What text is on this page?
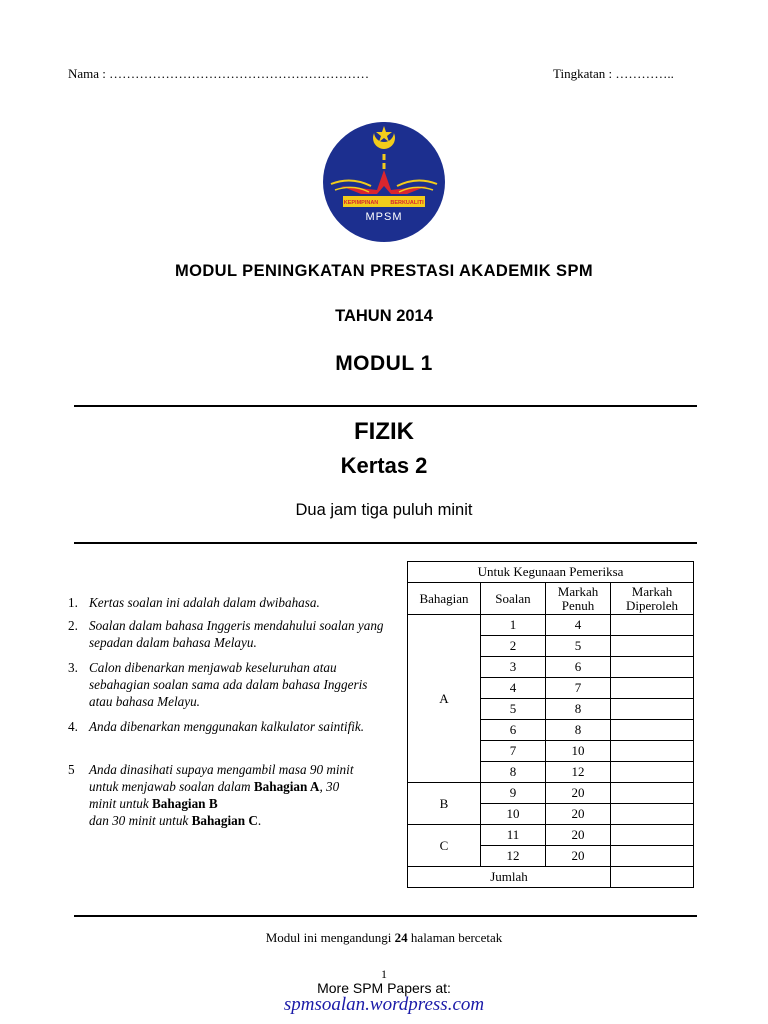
Nama : ……………………………………………………	Tingkatan : …………..
KEPIMPINAN BERKUALITI
MPSM
MODUL PENINGKATAN PRESTASI AKADEMIK SPM
TAHUN 2014
MODUL 1
FIZIK
Kertas 2
Dua jam tiga puluh minit
1. Kertas soalan ini adalah dalam dwibahasa.
2. Soalan dalam bahasa Inggeris mendahului soalan yang sepadan dalam bahasa Melayu.
3. Calon dibenarkan menjawab keseluruhan atau sebahagian soalan sama ada dalam bahasa Inggeris atau bahasa Melayu.
4. Anda dibenarkan menggunakan kalkulator saintifik.
5 Anda dinasihati supaya mengambil masa 90 minit untuk menjawab soalan dalam Bahagian A, 30 minit untuk Bahagian B
dan 30 minit untuk Bahagian C.
Untuk Kegunaan Pemeriksa			
Bahagian	Soalan	Markah Penuh	Markah Diperoleh
A	1	4	
	2	5	
	3	6	
	4	7	
	5	8	
	6	8	
	7	10	
	8	12	
B	9	20	
	10	20	
C	11	20	
	12	20	
Jumlah			
Modul ini mengandungi 24 halaman bercetak
1
More SPM Papers at:
spmsoalan.wordpress.com
